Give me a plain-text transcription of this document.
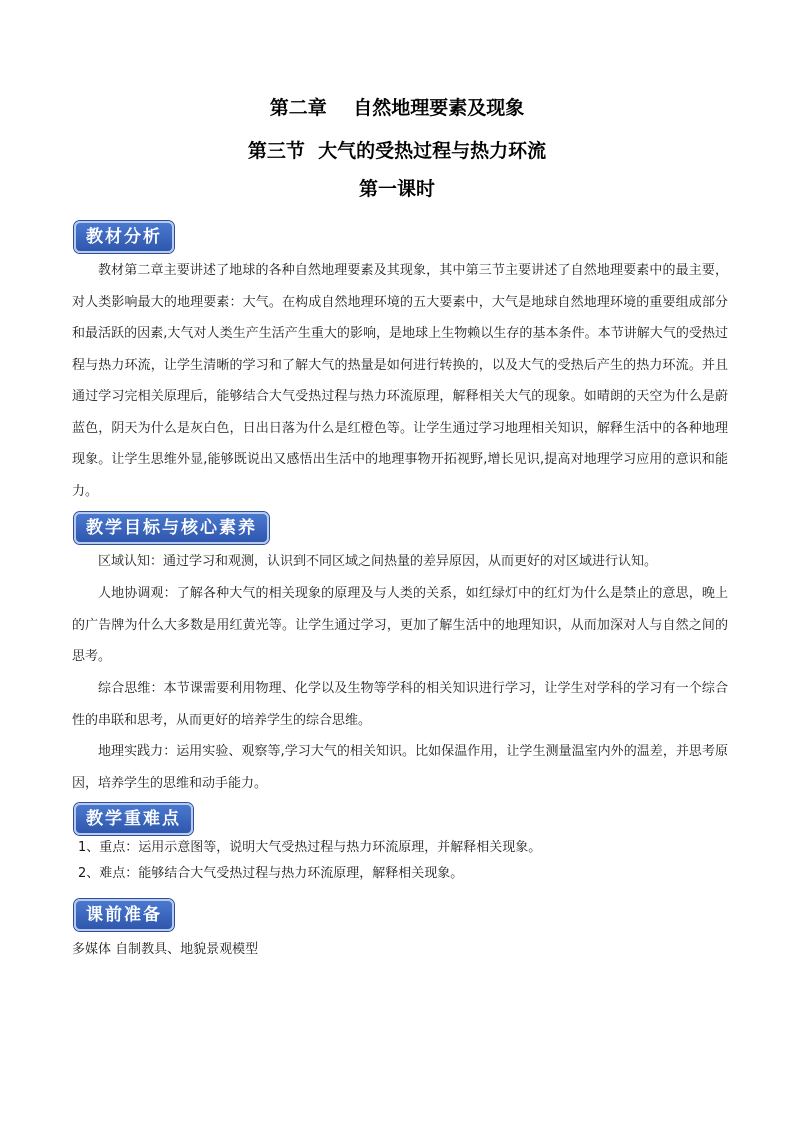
第二章    自然地理要素及现象
第三节  大气的受热过程与热力环流
第一课时
教材分析
教材第二章主要讲述了地球的各种自然地理要素及其现象，其中第三节主要讲述了自然地理要素中的最主要，对人类影响最大的地理要素：大气。在构成自然地理环境的五大要素中，大气是地球自然地理环境的重要组成部分和最活跃的因素,大气对人类生产生活产生重大的影响，是地球上生物赖以生存的基本条件。本节讲解大气的受热过程与热力环流，让学生清晰的学习和了解大气的热量是如何进行转换的，以及大气的受热后产生的热力环流。并且通过学习完相关原理后，能够结合大气受热过程与热力环流原理，解释相关大气的现象。如晴朗的天空为什么是蔚蓝色，阴天为什么是灰白色，日出日落为什么是红橙色等。让学生通过学习地理相关知识，解释生活中的各种地理现象。让学生思维外显,能够既说出又感悟出生活中的地理事物开拓视野,增长见识,提高对地理学习应用的意识和能力。
教学目标与核心素养
区域认知：通过学习和观测，认识到不同区域之间热量的差异原因，从而更好的对区域进行认知。
人地协调观：了解各种大气的相关现象的原理及与人类的关系，如红绿灯中的红灯为什么是禁止的意思，晚上的广告牌为什么大多数是用红黄光等。让学生通过学习，更加了解生活中的地理知识，从而加深对人与自然之间的思考。
综合思维：本节课需要利用物理、化学以及生物等学科的相关知识进行学习，让学生对学科的学习有一个综合性的串联和思考，从而更好的培养学生的综合思维。
地理实践力：运用实验、观察等,学习大气的相关知识。比如保温作用，让学生测量温室内外的温差，并思考原因，培养学生的思维和动手能力。
教学重难点
1、重点：运用示意图等，说明大气受热过程与热力环流原理，并解释相关现象。
2、难点：能够结合大气受热过程与热力环流原理，解释相关现象。
课前准备
多媒体 自制教具、地貌景观模型
